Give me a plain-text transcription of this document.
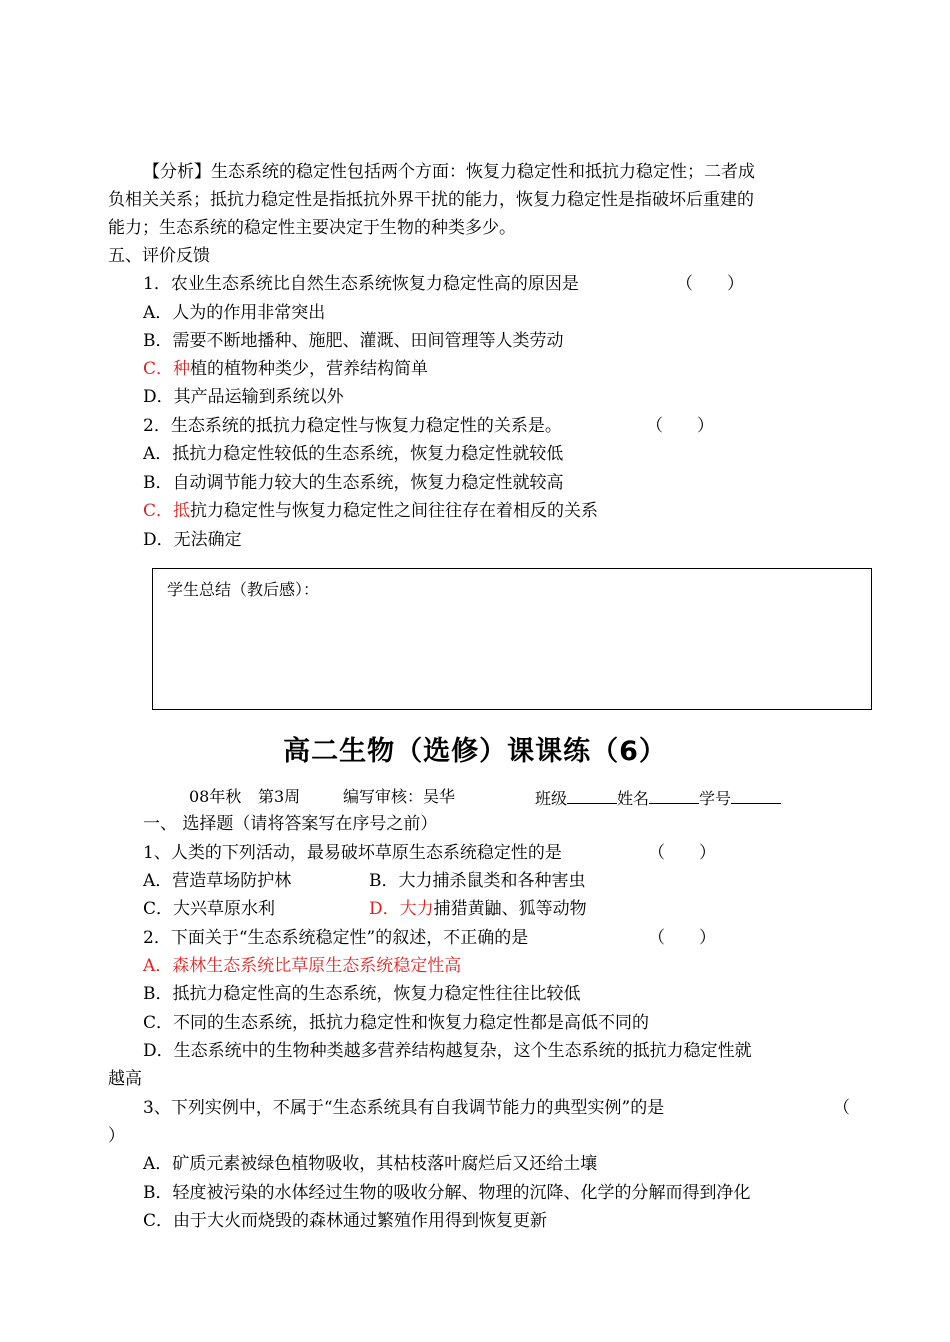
【分析】生态系统的稳定性包括两个方面：恢复力稳定性和抵抗力稳定性；二者成
负相关关系；抵抗力稳定性是指抵抗外界干扰的能力，恢复力稳定性是指破坏后重建的
能力；生态系统的稳定性主要决定于生物的种类多少。
五、评价反馈
1．农业生态系统比自然生态系统恢复力稳定性高的原因是	（　　）
A．人为的作用非常突出
B．需要不断地播种、施肥、灌溉、田间管理等人类劳动
C．种植的植物种类少，营养结构简单
D．其产品运输到系统以外
2．生态系统的抵抗力稳定性与恢复力稳定性的关系是。	（　　）
A．抵抗力稳定性较低的生态系统，恢复力稳定性就较低
B．自动调节能力较大的生态系统，恢复力稳定性就较高
C．抵抗力稳定性与恢复力稳定性之间往往存在着相反的关系
D．无法确定
学生总结（教后感）：
高二生物（选修）课课练（6）
08年秋 第3周	编写审核：吴华	班级	姓名	学号
一、 选择题（请将答案写在序号之前）
1、人类的下列活动，最易破坏草原生态系统稳定性的是	（　　）
A．营造草场防护林	B．大力捕杀鼠类和各种害虫
C．大兴草原水利	D．大力捕猎黄鼬、狐等动物
2．下面关于“生态系统稳定性”的叙述，不正确的是	（　　）
A．森林生态系统比草原生态系统稳定性高
B．抵抗力稳定性高的生态系统，恢复力稳定性往往比较低
C．不同的生态系统，抵抗力稳定性和恢复力稳定性都是高低不同的
D．生态系统中的生物种类越多营养结构越复杂，这个生态系统的抵抗力稳定性就
越高
3、下列实例中，不属于“生态系统具有自我调节能力的典型实例”的是	（
）
A．矿质元素被绿色植物吸收，其枯枝落叶腐烂后又还给土壤
B．轻度被污染的水体经过生物的吸收分解、物理的沉降、化学的分解而得到净化
C．由于大火而烧毁的森林通过繁殖作用得到恢复更新
